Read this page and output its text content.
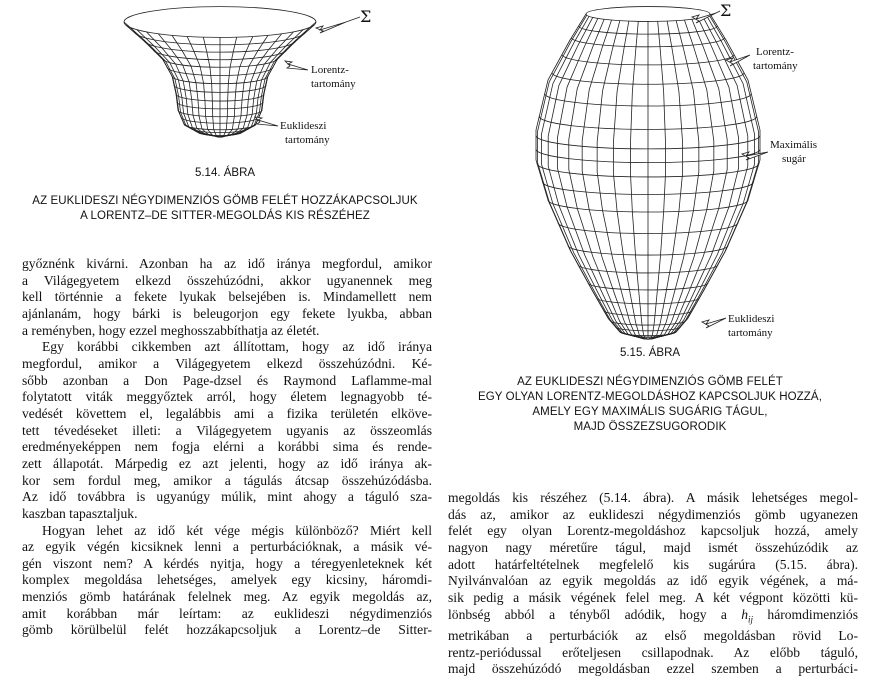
Σ
Lorentz-
tartomány
Euklideszi
tartomány
5.14. ÁBRA
AZ EUKLIDESZI NÉGYDIMENZIÓS GÖMB FELÉT HOZZÁKAPCSOLJUK
A LORENTZ–DE SITTER-MEGOLDÁS KIS RÉSZÉHEZ
Σ
Lorentz-
tartomány
Maximális
sugár
Euklideszi
tartomány
5.15. ÁBRA
AZ EUKLIDESZI NÉGYDIMENZIÓS GÖMB FELÉT
EGY OLYAN LORENTZ-MEGOLDÁSHOZ KAPCSOLJUK HOZZÁ,
AMELY EGY MAXIMÁLIS SUGÁRIG TÁGUL,
MAJD ÖSSZEZSUGORODIK
győznénk kivárni. Azonban ha az idő iránya megfordul, amikor
a Világegyetem elkezd összehúzódni, akkor ugyanennek meg
kell történnie a fekete lyukak belsejében is. Mindamellett nem
ajánlanám, hogy bárki is beleugorjon egy fekete lyukba, abban
a reményben, hogy ezzel meghosszabbíthatja az életét.
Egy korábbi cikkemben azt állítottam, hogy az idő iránya
megfordul, amikor a Világegyetem elkezd összehúzódni. Ké-
sőbb azonban a Don Page-dzsel és Raymond Laflamme-mal
folytatott viták meggyőztek arról, hogy életem legnagyobb té-
vedését követtem el, legalábbis ami a fizika területén elköve-
tett tévedéseket illeti: a Világegyetem ugyanis az összeomlás
eredményeképpen nem fogja elérni a korábbi sima és rende-
zett állapotát. Márpedig ez azt jelenti, hogy az idő iránya ak-
kor sem fordul meg, amikor a tágulás átcsap összehúzódásba.
Az idő továbbra is ugyanúgy múlik, mint ahogy a táguló sza-
kaszban tapasztaljuk.
Hogyan lehet az idő két vége mégis különböző? Miért kell
az egyik végén kicsiknek lenni a perturbációknak, a másik vé-
gén viszont nem? A kérdés nyitja, hogy a téregyenleteknek két
komplex megoldása lehetséges, amelyek egy kicsiny, háromdi-
menziós gömb határának felelnek meg. Az egyik megoldás az,
amit korábban már leírtam: az euklideszi négydimenziós
gömb körülbelül felét hozzákapcsoljuk a Lorentz–de Sitter-
megoldás kis részéhez (5.14. ábra). A másik lehetséges megol-
dás az, amikor az euklideszi négydimenziós gömb ugyanezen
felét egy olyan Lorentz-megoldáshoz kapcsoljuk hozzá, amely
nagyon nagy méretűre tágul, majd ismét összehúzódik az
adott határfeltételnek megfelelő kis sugárúra (5.15. ábra).
Nyilvánvalóan az egyik megoldás az idő egyik végének, a má-
sik pedig a másik végének felel meg. A két végpont közötti kü-
lönbség abból a tényből adódik, hogy a $h_{ij}$ háromdimenziós
metrikában a perturbációk az első megoldásban rövid Lo-
rentz-periódussal erőteljesen csillapodnak. Az előbb táguló,
majd összehúzódó megoldásban ezzel szemben a perturbáci-
